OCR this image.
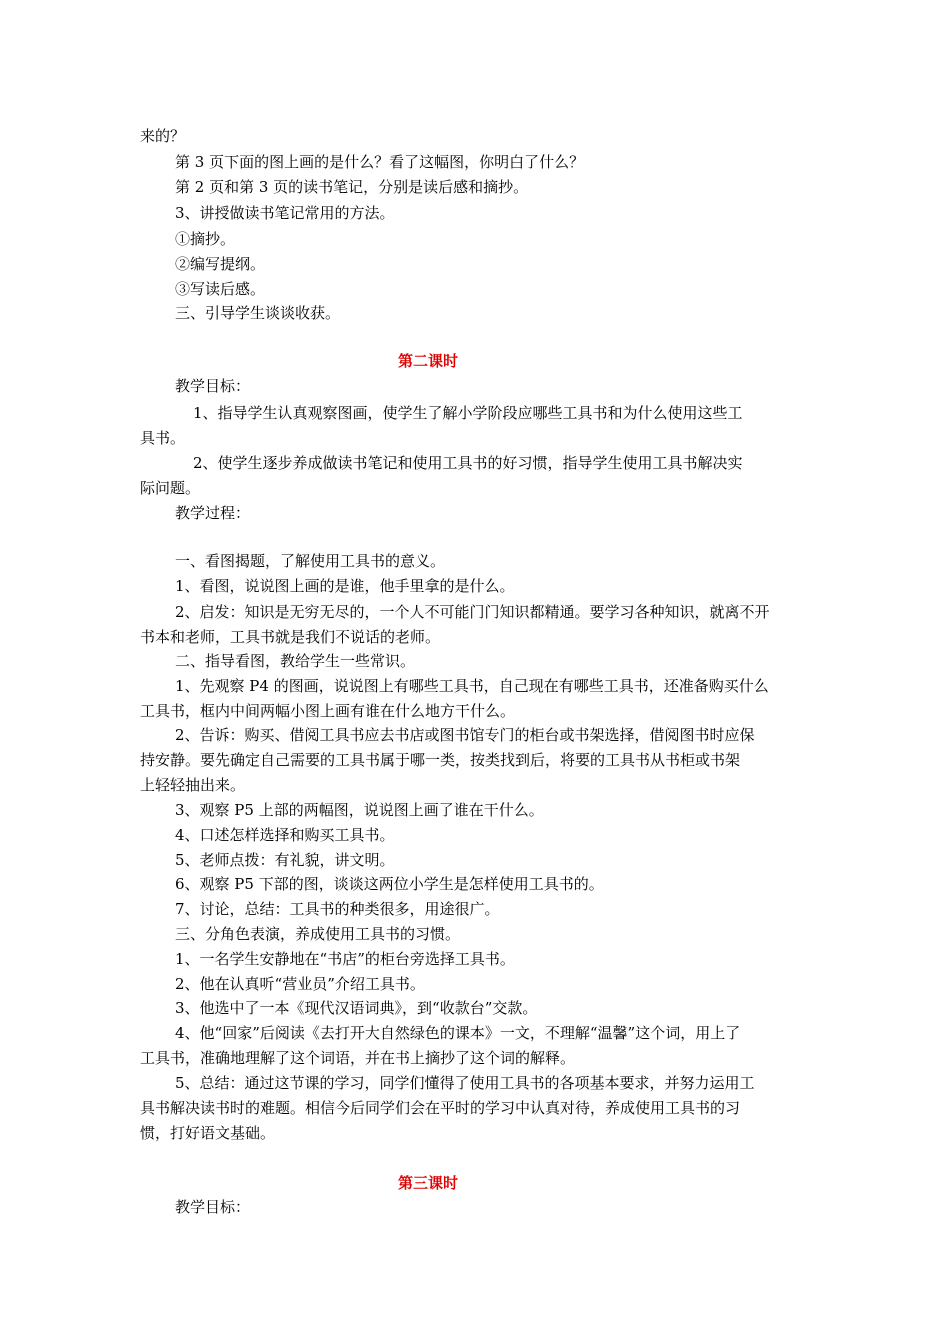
来的？
第 3 页下面的图上画的是什么？看了这幅图，你明白了什么？
第 2 页和第 3 页的读书笔记，分别是读后感和摘抄。
3、讲授做读书笔记常用的方法。
①摘抄。
②编写提纲。
③写读后感。
三、引导学生谈谈收获。
第二课时
教学目标：
1、指导学生认真观察图画，使学生了解小学阶段应哪些工具书和为什么使用这些工
具书。
2、使学生逐步养成做读书笔记和使用工具书的好习惯，指导学生使用工具书解决实
际问题。
教学过程：
一、看图揭题，了解使用工具书的意义。
1、看图，说说图上画的是谁，他手里拿的是什么。
2、启发：知识是无穷无尽的，一个人不可能门门知识都精通。要学习各种知识，就离不开
书本和老师，工具书就是我们不说话的老师。
二、指导看图，教给学生一些常识。
1、先观察 P4 的图画，说说图上有哪些工具书，自己现在有哪些工具书，还准备购买什么
工具书，框内中间两幅小图上画有谁在什么地方干什么。
2、告诉：购买、借阅工具书应去书店或图书馆专门的柜台或书架选择，借阅图书时应保
持安静。要先确定自己需要的工具书属于哪一类，按类找到后，将要的工具书从书柜或书架
上轻轻抽出来。
3、观察 P5 上部的两幅图，说说图上画了谁在干什么。
4、口述怎样选择和购买工具书。
5、老师点拨：有礼貌，讲文明。
6、观察 P5 下部的图，谈谈这两位小学生是怎样使用工具书的。
7、讨论，总结：工具书的种类很多，用途很广。
三、分角色表演，养成使用工具书的习惯。
1、一名学生安静地在“书店”的柜台旁选择工具书。
2、他在认真听“营业员”介绍工具书。
3、他选中了一本《现代汉语词典》，到“收款台”交款。
4、他“回家”后阅读《去打开大自然绿色的课本》一文，不理解“温馨”这个词，用上了
工具书，准确地理解了这个词语，并在书上摘抄了这个词的解释。
5、总结：通过这节课的学习，同学们懂得了使用工具书的各项基本要求，并努力运用工
具书解决读书时的难题。相信今后同学们会在平时的学习中认真对待，养成使用工具书的习
惯，打好语文基础。
第三课时
教学目标：
